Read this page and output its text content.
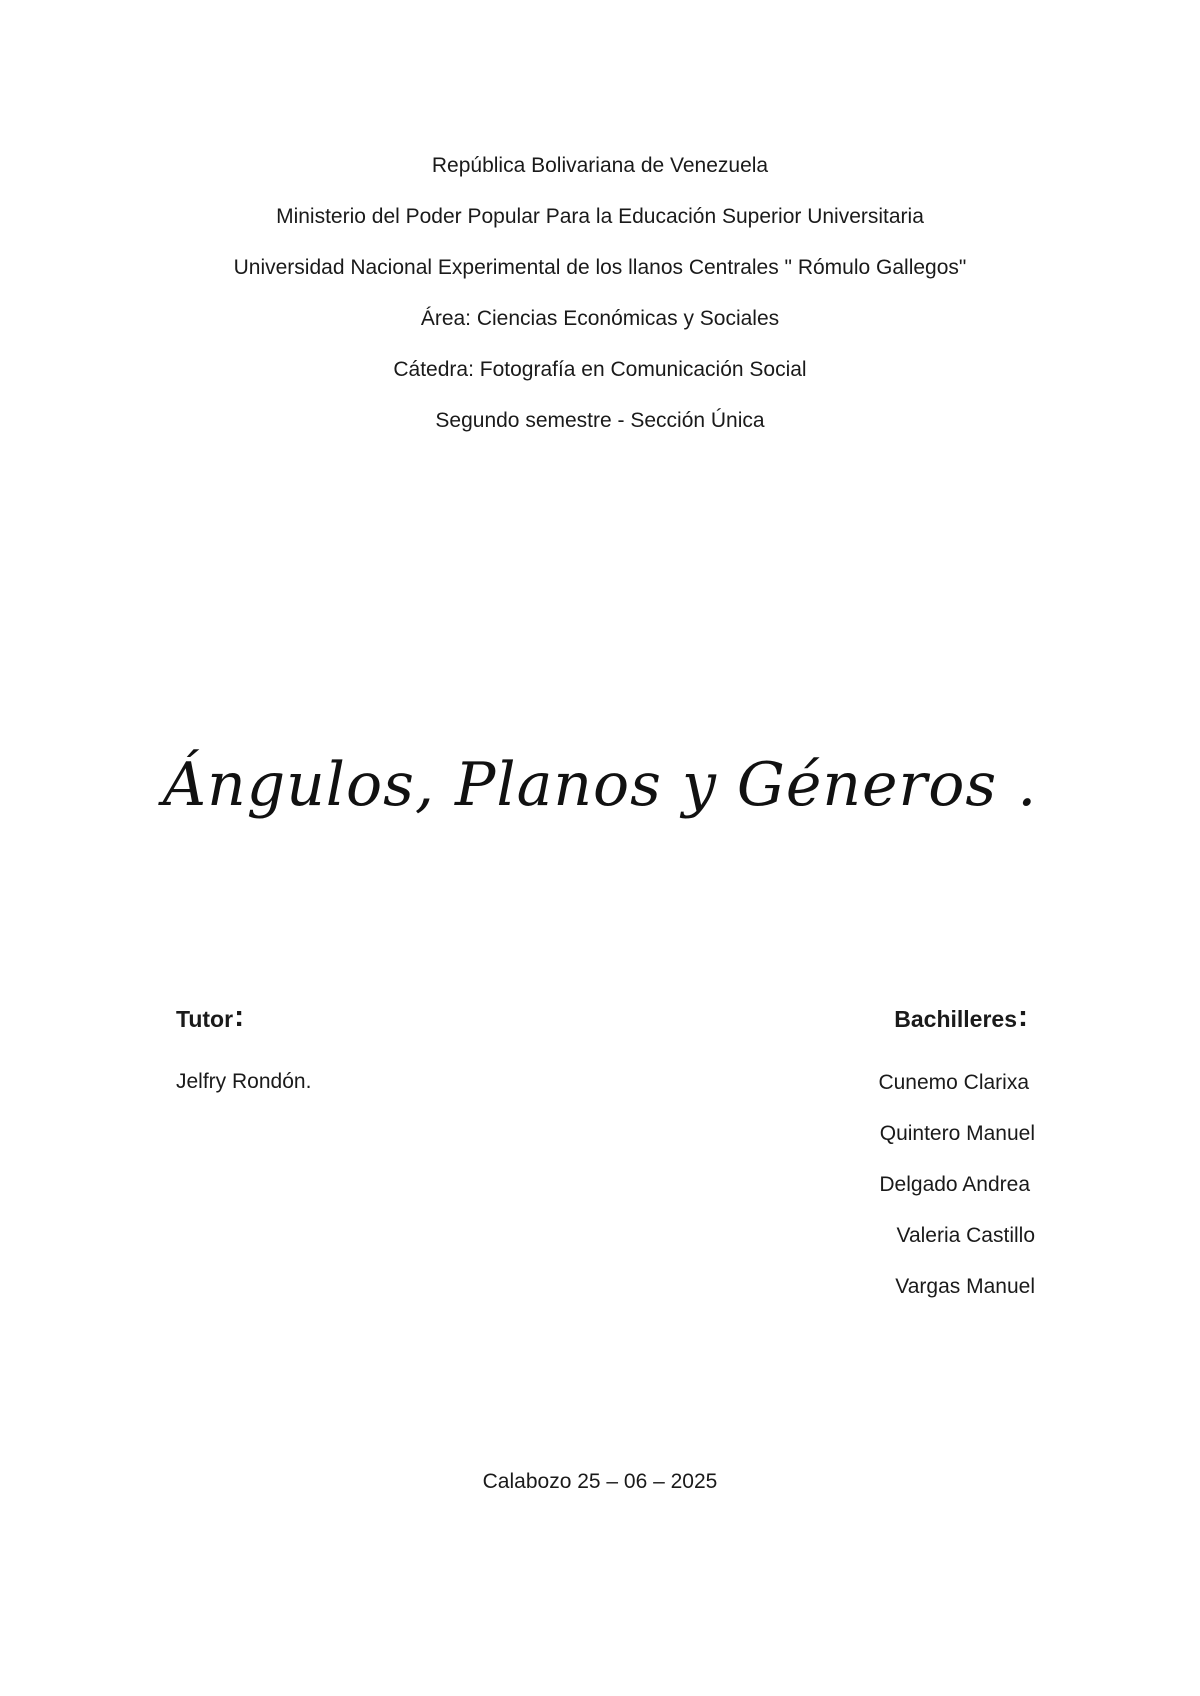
República Bolivariana de Venezuela
Ministerio del Poder Popular Para la Educación Superior Universitaria
Universidad Nacional Experimental de los llanos Centrales " Rómulo Gallegos"
Área: Ciencias Económicas y Sociales
Cátedra: Fotografía en Comunicación Social
Segundo semestre - Sección Única
Ángulos, Planos y Géneros .
Tutor:
Jelfry Rondón.
Bachilleres:
Cunemo Clarixa
Quintero Manuel
Delgado Andrea
Valeria Castillo
Vargas Manuel
Calabozo 25 – 06 – 2025
